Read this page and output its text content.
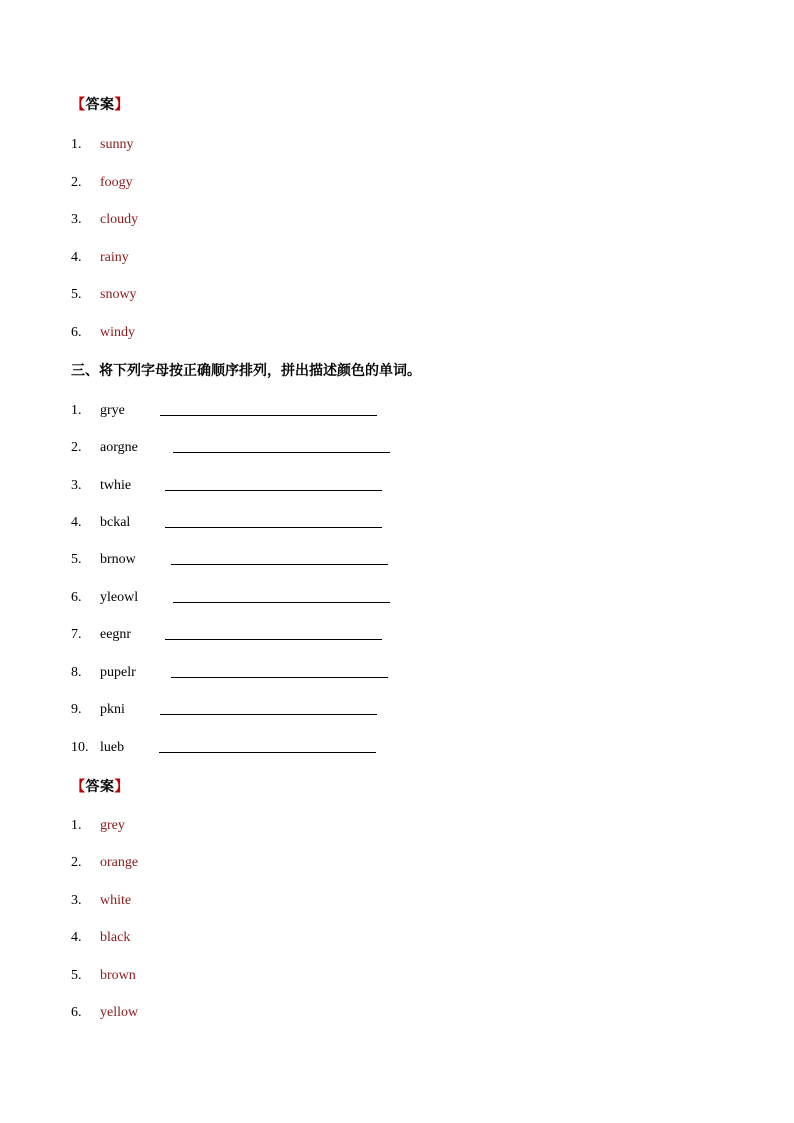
【答案】
1. sunny
2. foogy
3. cloudy
4. rainy
5. snowy
6. windy
三、将下列字母按正确顺序排列，拼出描述颜色的单词。
1. grye
2. aorgne
3. twhie
4. bckal
5. brnow
6. yleowl
7. eegnr
8. pupelr
9. pkni
10. lueb
【答案】
1. grey
2. orange
3. white
4. black
5. brown
6. yellow
